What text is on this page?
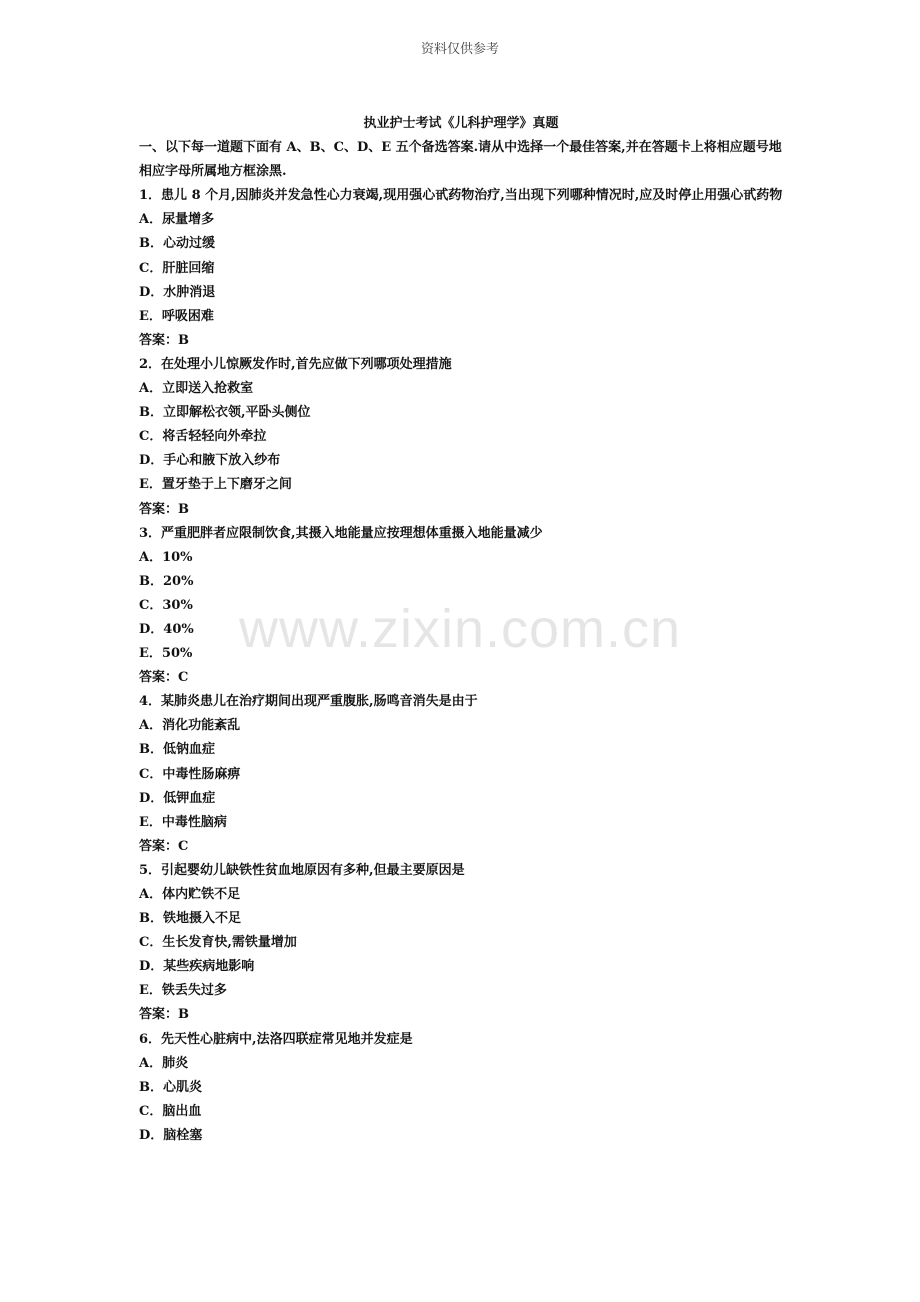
资料仅供参考
执业护士考试《儿科护理学》真题
一、以下每一道题下面有 A、B、C、D、E 五个备选答案.请从中选择一个最佳答案,并在答题卡上将相应题号地相应字母所属地方框涂黑.
1．患儿 8 个月,因肺炎并发急性心力衰竭,现用强心甙药物治疗,当出现下列哪种情况时,应及时停止用强心甙药物
A．尿量增多
B．心动过缓
C．肝脏回缩
D．水肿消退
E．呼吸困难
答案：B
2．在处理小儿惊厥发作时,首先应做下列哪项处理措施
A．立即送入抢救室
B．立即解松衣领,平卧头侧位
C．将舌轻轻向外牵拉
D．手心和腋下放入纱布
E．置牙垫于上下磨牙之间
答案：B
3．严重肥胖者应限制饮食,其摄入地能量应按理想体重摄入地能量减少
A．10%
B．20%
C．30%
D．40%
E．50%
答案：C
4．某肺炎患儿在治疗期间出现严重腹胀,肠鸣音消失是由于
A．消化功能紊乱
B．低钠血症
C．中毒性肠麻痹
D．低钾血症
E．中毒性脑病
答案：C
5．引起婴幼儿缺铁性贫血地原因有多种,但最主要原因是
A．体内贮铁不足
B．铁地摄入不足
C．生长发育快,需铁量增加
D．某些疾病地影响
E．铁丢失过多
答案：B
6．先天性心脏病中,法洛四联症常见地并发症是
A．肺炎
B．心肌炎
C．脑出血
D．脑栓塞
www.zixin.com.cn
